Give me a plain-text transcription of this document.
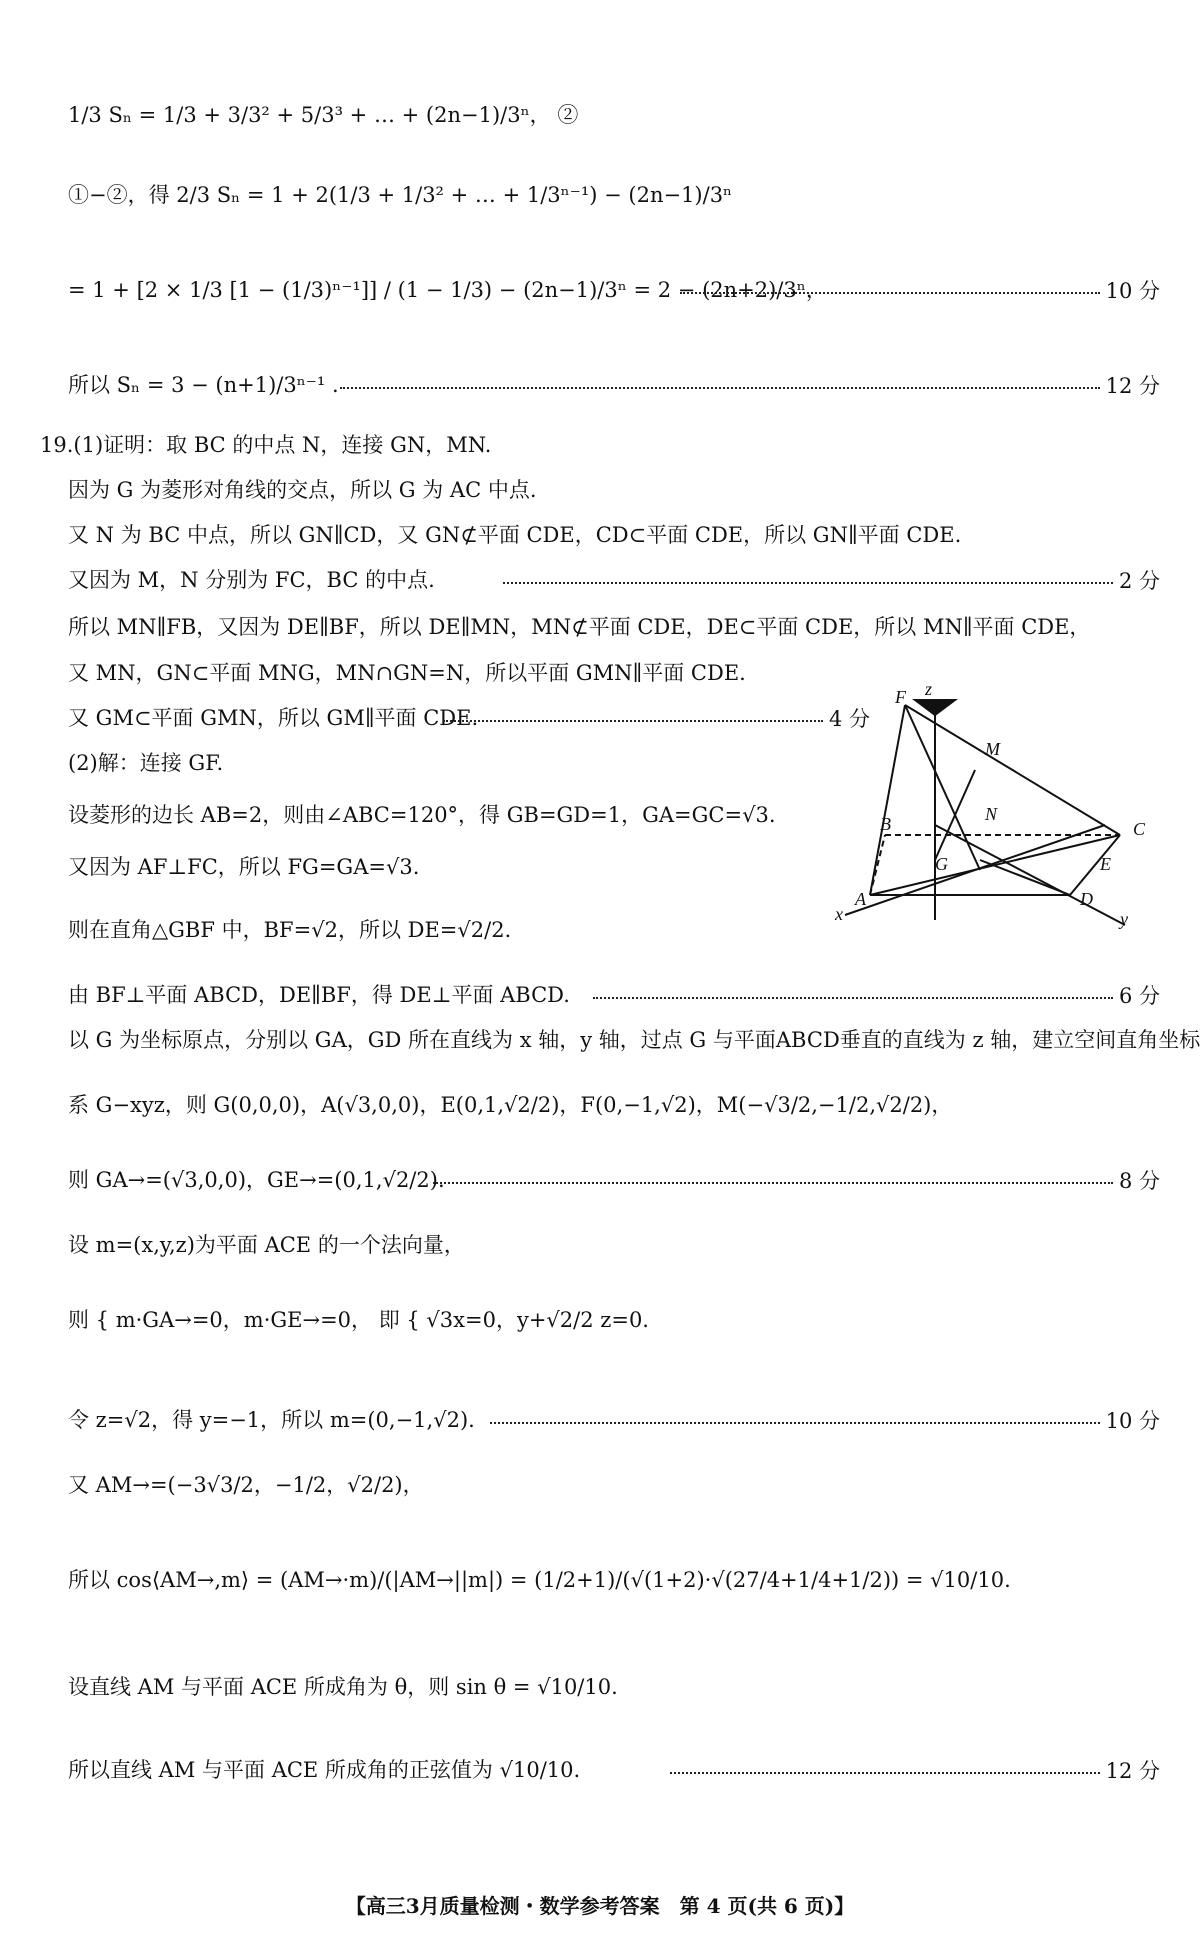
1/3 Sₙ = 1/3 + 3/3² + 5/3³ + … + (2n−1)/3ⁿ， ②
①−②，得 2/3 Sₙ = 1 + 2(1/3 + 1/3² + … + 1/3ⁿ⁻¹) − (2n−1)/3ⁿ
= 1 + [2 × 1/3 [1 − (1/3)ⁿ⁻¹]] / (1 − 1/3) − (2n−1)/3ⁿ = 2 − (2n+2)/3ⁿ，	10 分
所以 Sₙ = 3 − (n+1)/3ⁿ⁻¹ .	12 分
19.(1)证明：取 BC 的中点 N，连接 GN，MN.
因为 G 为菱形对角线的交点，所以 G 为 AC 中点.
又 N 为 BC 中点，所以 GN∥CD，又 GN⊄平面 CDE，CD⊂平面 CDE，所以 GN∥平面 CDE.
又因为 M，N 分别为 FC，BC 的中点.	2 分
所以 MN∥FB，又因为 DE∥BF，所以 DE∥MN，MN⊄平面 CDE，DE⊂平面 CDE，所以 MN∥平面 CDE，
又 MN，GN⊂平面 MNG，MN∩GN=N，所以平面 GMN∥平面 CDE.
又 GM⊂平面 GMN，所以 GM∥平面 CDE.	4 分
(2)解：连接 GF.
设菱形的边长 AB=2，则由∠ABC=120°，得 GB=GD=1，GA=GC=√3.
又因为 AF⊥FC，所以 FG=GA=√3.
则在直角△GBF 中，BF=√2，所以 DE=√2/2.
由 BF⊥平面 ABCD，DE∥BF，得 DE⊥平面 ABCD.	6 分
以 G 为坐标原点，分别以 GA，GD 所在直线为 x 轴，y 轴，过点 G 与平面ABCD垂直的直线为 z 轴，建立空间直角坐标
系 G−xyz，则 G(0,0,0)，A(√3,0,0)，E(0,1,√2/2)，F(0,−1,√2)，M(−√3/2,−1/2,√2/2)，
则 GA→=(√3,0,0)，GE→=(0,1,√2/2).	8 分
设 m=(x,y,z)为平面 ACE 的一个法向量，
则 { m·GA→=0，m·GE→=0， 即 { √3x=0，y+√2/2 z=0.
令 z=√2，得 y=−1，所以 m=(0,−1,√2).	10 分
又 AM→=(−3√3/2，−1/2，√2/2)，
所以 cos⟨AM→,m⟩ = (AM→·m)/(|AM→||m|) = (1/2+1)/(√(1+2)·√(27/4+1/4+1/2)) = √10/10.
设直线 AM 与平面 ACE 所成角为 θ，则 sin θ = √10/10.
所以直线 AM 与平面 ACE 所成角的正弦值为 √10/10.	12 分
F
M
B	N
C
G	E
A	D
x	y
z
【高三3月质量检测・数学参考答案　第 4 页(共 6 页)】
